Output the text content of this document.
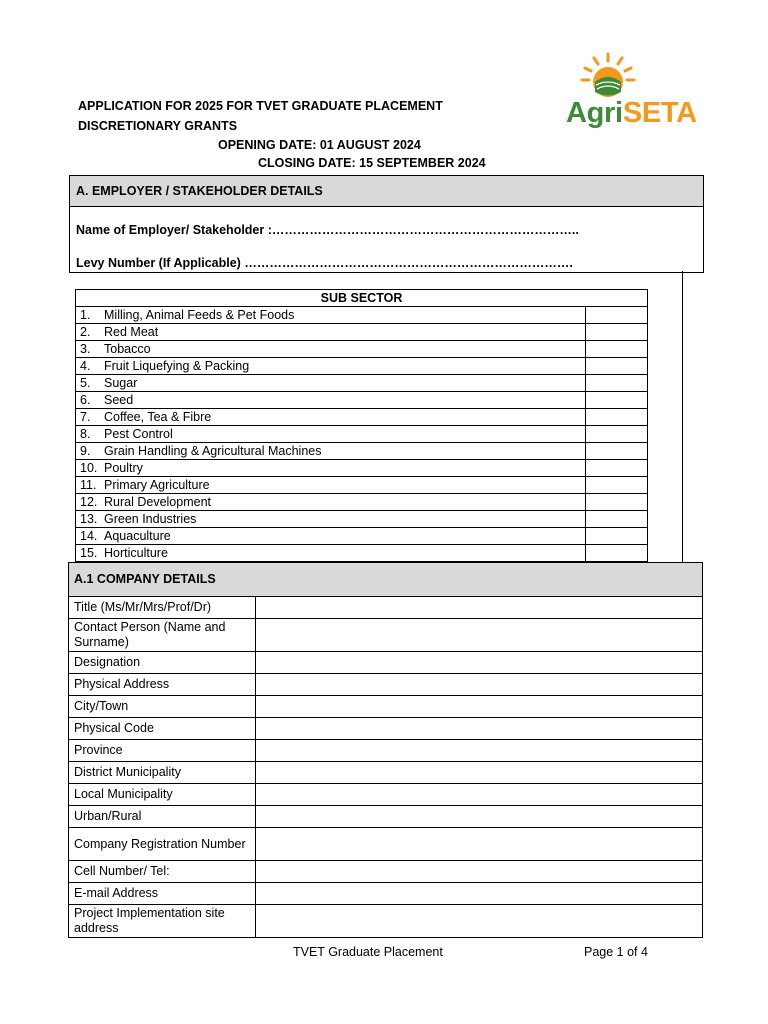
APPLICATION FOR 2025 FOR TVET GRADUATE PLACEMENT
DISCRETIONARY GRANTS
OPENING DATE: 01 AUGUST 2024
CLOSING DATE: 15 SEPTEMBER 2024
AgriSETA
A. EMPLOYER / STAKEHOLDER DETAILS
Name of Employer/ Stakeholder :………………………………………………………………..
Levy Number (If Applicable) …………………………………………………………………….
SUB SECTOR	
1. Milling, Animal Feeds & Pet Foods	
2. Red Meat	
3. Tobacco	
4. Fruit Liquefying & Packing	
5. Sugar	
6. Seed	
7. Coffee, Tea & Fibre	
8. Pest Control	
9. Grain Handling & Agricultural Machines	
10. Poultry	
11. Primary Agriculture	
12. Rural Development	
13. Green Industries	
14. Aquaculture	
15. Horticulture	
A.1 COMPANY DETAILS	
Title (Ms/Mr/Mrs/Prof/Dr)	
Contact Person (Name and Surname)	
Designation	
Physical Address	
City/Town	
Physical Code	
Province	
District Municipality	
Local Municipality	
Urban/Rural	
Company Registration Number	
Cell Number/ Tel:	
E-mail Address	
Project Implementation site address	
TVET Graduate Placement	Page 1 of 4
